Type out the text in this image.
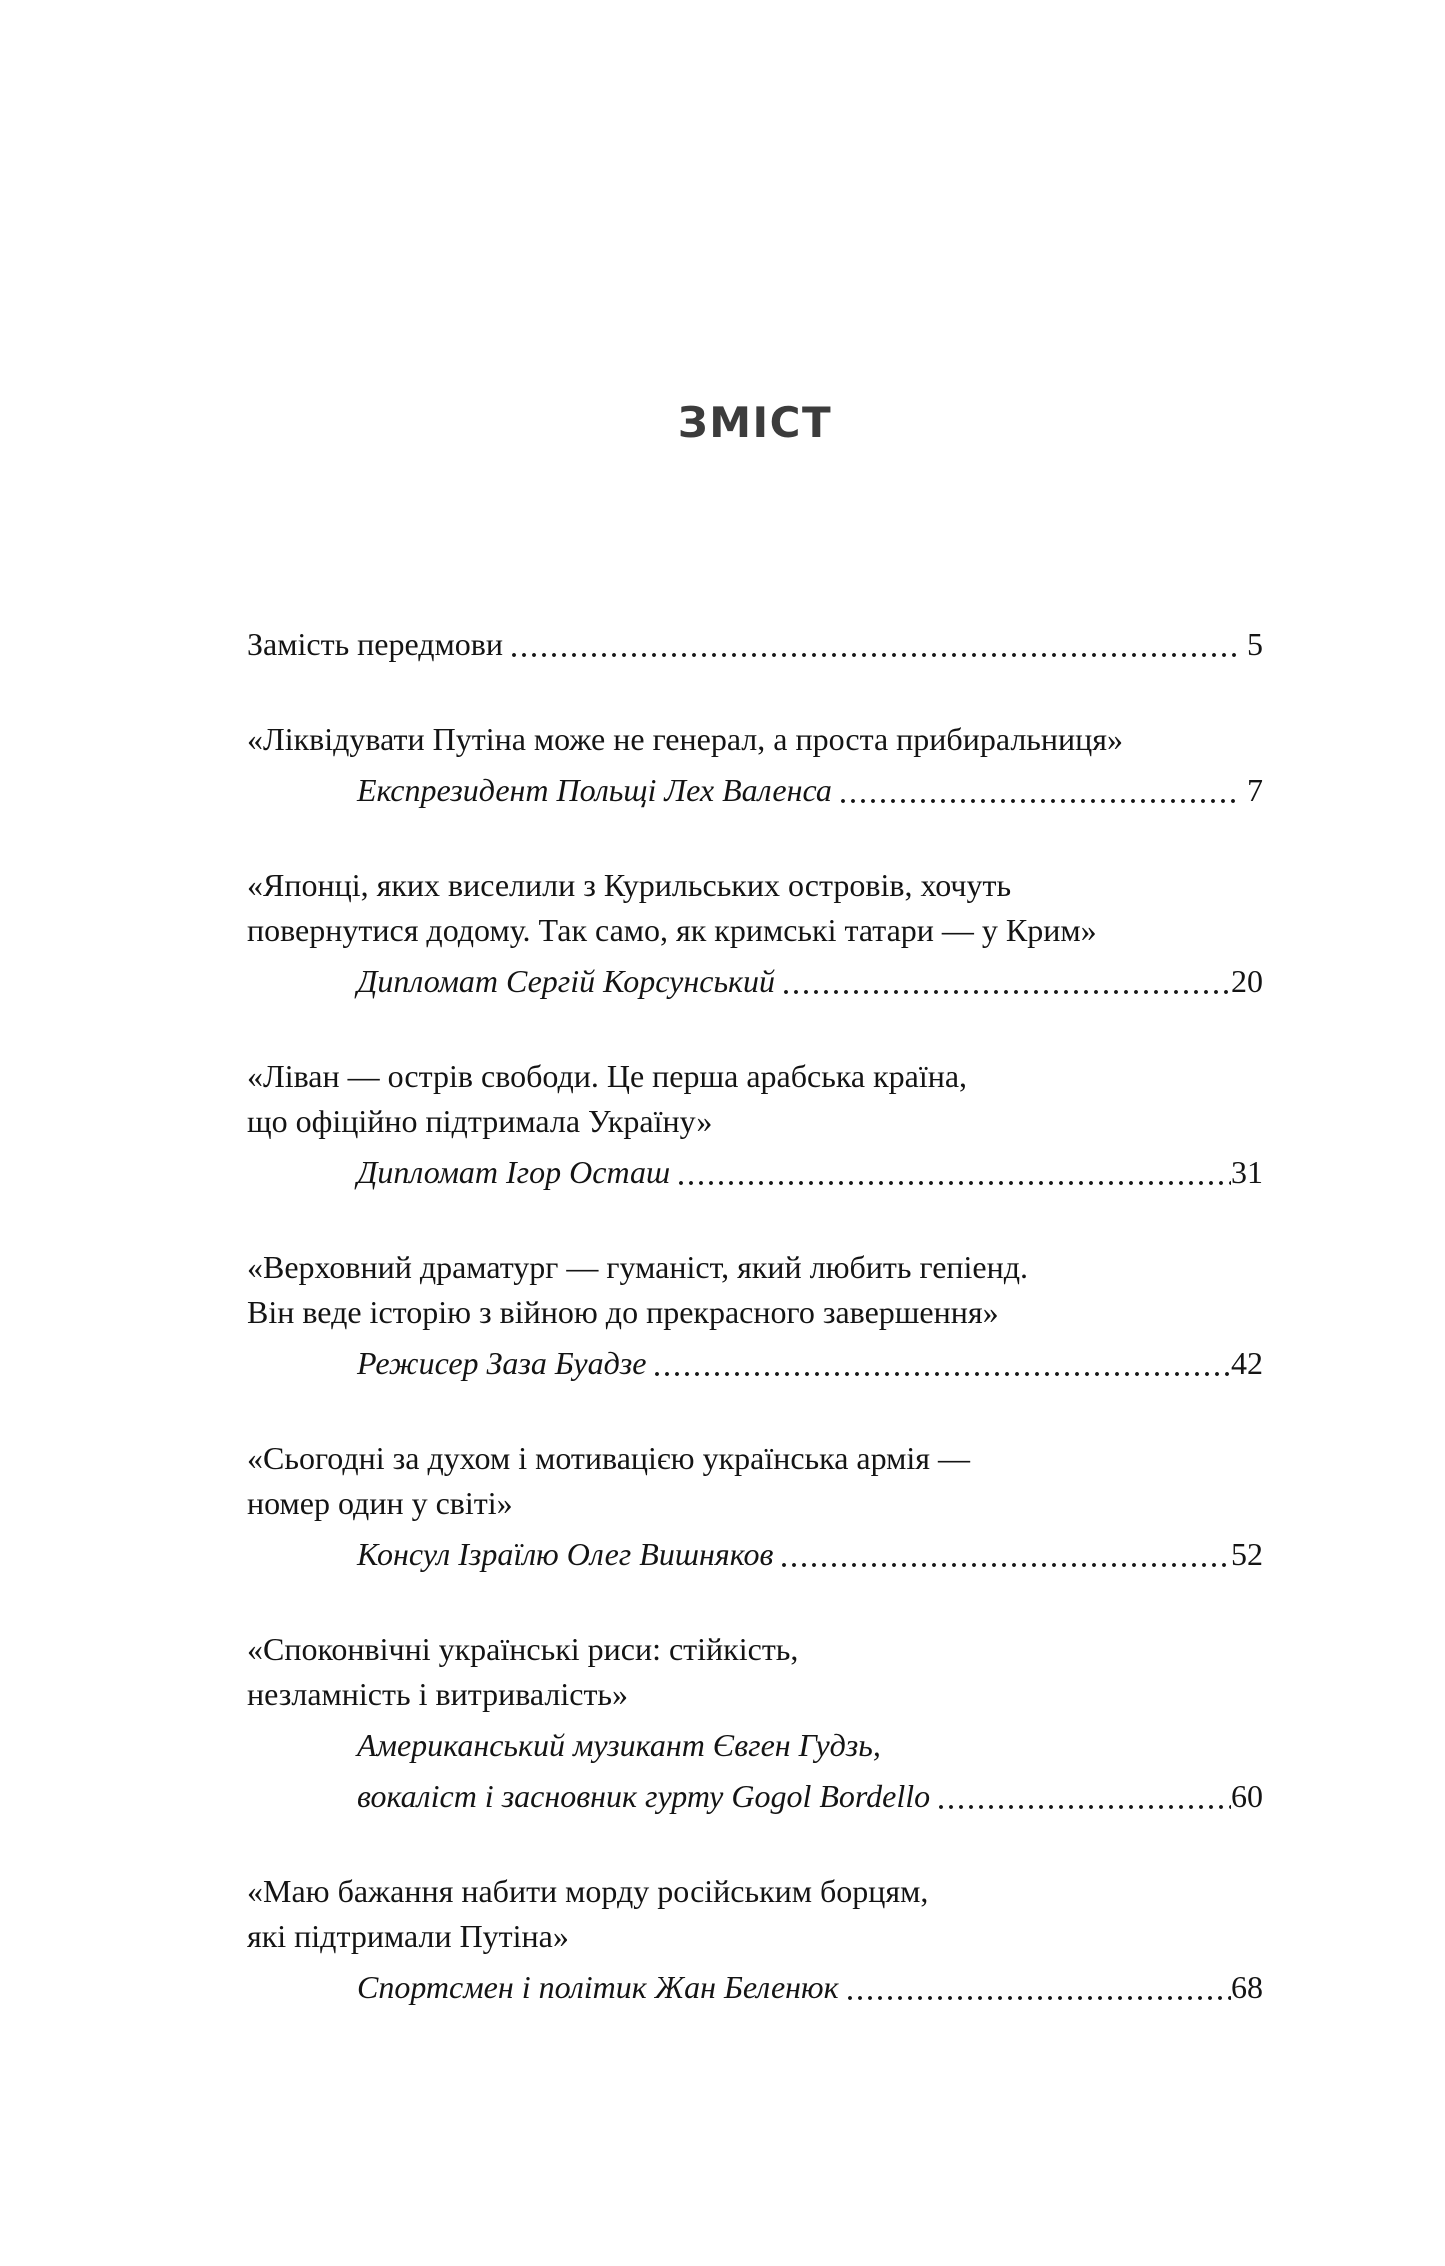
ЗМІСТ
Замість передмови	5
«Ліквідувати Путіна може не генерал, а проста прибиральниця»
Експрезидент Польщі Лех Валенса	7
«Японці, яких виселили з Курильських островів, хочуть
повернутися додому. Так само, як кримські татари — у Крим»
Дипломат Сергій Корсунський	20
«Ліван — острів свободи. Це перша арабська країна,
що офіційно підтримала Україну»
Дипломат Ігор Осташ	31
«Верховний драматург — гуманіст, який любить гепіенд.
Він веде історію з війною до прекрасного завершення»
Режисер Заза Буадзе	42
«Сьогодні за духом і мотивацією українська армія —
номер один у світі»
Консул Ізраїлю Олег Вишняков	52
«Споконвічні українські риси: стійкість,
незламність і витривалість»
Американський музикант Євген Гудзь,
вокаліст і засновник гурту Gogol Bordello	60
«Маю бажання набити морду російським борцям,
які підтримали Путіна»
Спортсмен і політик Жан Беленюк	68
